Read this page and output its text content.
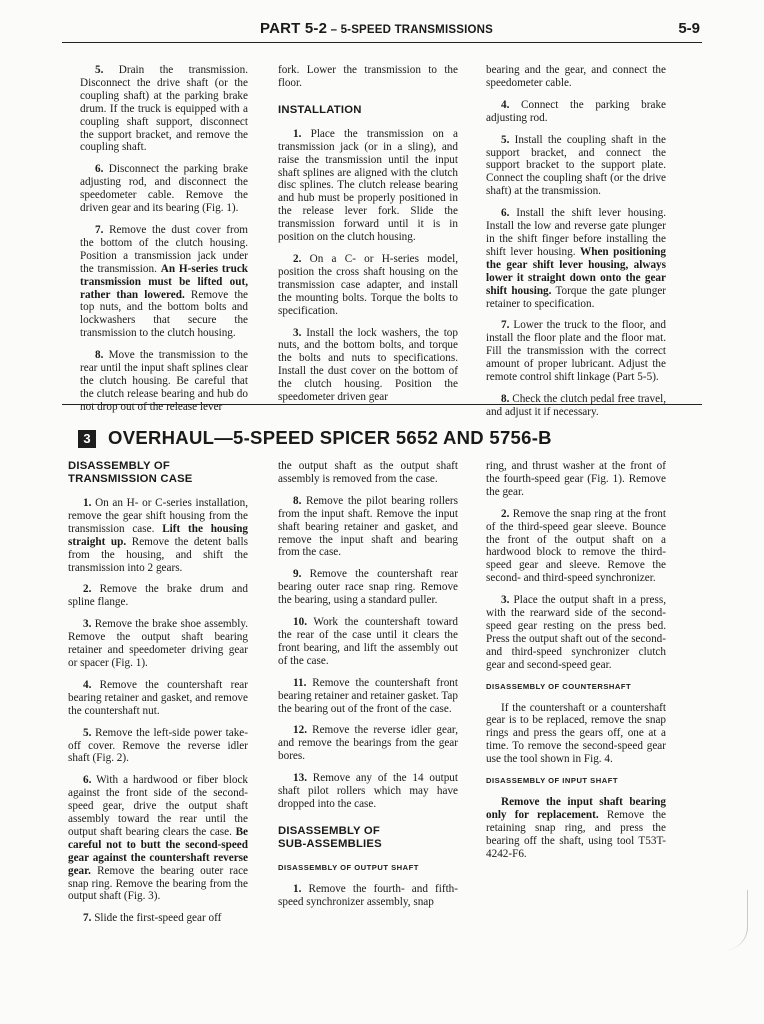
PART 5-2 – 5-SPEED TRANSMISSIONS	5-9

5. Drain the transmission. Disconnect the drive shaft (or the coupling shaft) at the parking brake drum. If the truck is equipped with a coupling shaft support, disconnect the support bracket, and remove the coupling shaft.

6. Disconnect the parking brake adjusting rod, and disconnect the speedometer cable. Remove the driven gear and its bearing (Fig. 1).

7. Remove the dust cover from the bottom of the clutch housing. Position a transmission jack under the transmission. An H-series truck transmission must be lifted out, rather than lowered. Remove the top nuts, and the bottom bolts and lockwashers that secure the transmission to the clutch housing.

8. Move the transmission to the rear until the input shaft splines clear the clutch housing. Be careful that the clutch release bearing and hub do not drop out of the release lever

fork. Lower the transmission to the floor.

INSTALLATION

1. Place the transmission on a transmission jack (or in a sling), and raise the transmission until the input shaft splines are aligned with the clutch disc splines. The clutch release bearing and hub must be properly positioned in the release lever fork. Slide the transmission forward until it is in position on the clutch housing.

2. On a C- or H-series model, position the cross shaft housing on the transmission case adapter, and install the mounting bolts. Torque the bolts to specification.

3. Install the lock washers, the top nuts, and the bottom bolts, and torque the bolts and nuts to specifications. Install the dust cover on the bottom of the clutch housing. Position the speedometer driven gear

bearing and the gear, and connect the speedometer cable.

4. Connect the parking brake adjusting rod.

5. Install the coupling shaft in the support bracket, and connect the support bracket to the support plate. Connect the coupling shaft (or the drive shaft) at the transmission.

6. Install the shift lever housing. Install the low and reverse gate plunger in the shift finger before installing the shift lever housing. When positioning the gear shift lever housing, always lower it straight down onto the gear shift housing. Torque the gate plunger retainer to specification.

7. Lower the truck to the floor, and install the floor plate and the floor mat. Fill the transmission with the correct amount of proper lubricant. Adjust the remote control shift linkage (Part 5-5).

8. Check the clutch pedal free travel, and adjust it if necessary.

3 OVERHAUL—5-SPEED SPICER 5652 AND 5756-B
DISASSEMBLY OF
TRANSMISSION CASE

1. On an H- or C-series installation, remove the gear shift housing from the transmission case. Lift the housing straight up. Remove the detent balls from the housing, and shift the transmission into 2 gears.

2. Remove the brake drum and spline flange.

3. Remove the brake shoe assembly. Remove the output shaft bearing retainer and speedometer driving gear or spacer (Fig. 1).

4. Remove the countershaft rear bearing retainer and gasket, and remove the countershaft nut.

5. Remove the left-side power take-off cover. Remove the reverse idler shaft (Fig. 2).

6. With a hardwood or fiber block against the front side of the second-speed gear, drive the output shaft assembly toward the rear until the output shaft bearing clears the case. Be careful not to butt the second-speed gear against the countershaft reverse gear. Remove the bearing outer race snap ring. Remove the bearing from the output shaft (Fig. 3).

7. Slide the first-speed gear off

the output shaft as the output shaft assembly is removed from the case.

8. Remove the pilot bearing rollers from the input shaft. Remove the input shaft bearing retainer and gasket, and remove the input shaft and bearing from the case.

9. Remove the countershaft rear bearing outer race snap ring. Remove the bearing, using a standard puller.

10. Work the countershaft toward the rear of the case until it clears the front bearing, and lift the assembly out of the case.

11. Remove the countershaft front bearing retainer and retainer gasket. Tap the bearing out of the front of the case.

12. Remove the reverse idler gear, and remove the bearings from the gear bores.

13. Remove any of the 14 output shaft pilot rollers which may have dropped into the case.

DISASSEMBLY OF
SUB-ASSEMBLIES
DISASSEMBLY OF OUTPUT SHAFT

1. Remove the fourth- and fifth-speed synchronizer assembly, snap

ring, and thrust washer at the front of the fourth-speed gear (Fig. 1). Remove the gear.

2. Remove the snap ring at the front of the third-speed gear sleeve. Bounce the front of the output shaft on a hardwood block to remove the third-speed gear and sleeve. Remove the second- and third-speed synchronizer.

3. Place the output shaft in a press, with the rearward side of the second-speed gear resting on the press bed. Press the output shaft out of the second- and third-speed synchronizer clutch gear and second-speed gear.

DISASSEMBLY OF COUNTERSHAFT

If the countershaft or a countershaft gear is to be replaced, remove the snap rings and press the gears off, one at a time. To remove the second-speed gear use the tool shown in Fig. 4.

DISASSEMBLY OF INPUT SHAFT

Remove the input shaft bearing only for replacement. Remove the retaining snap ring, and press the bearing off the shaft, using tool T53T-4242-F6.
